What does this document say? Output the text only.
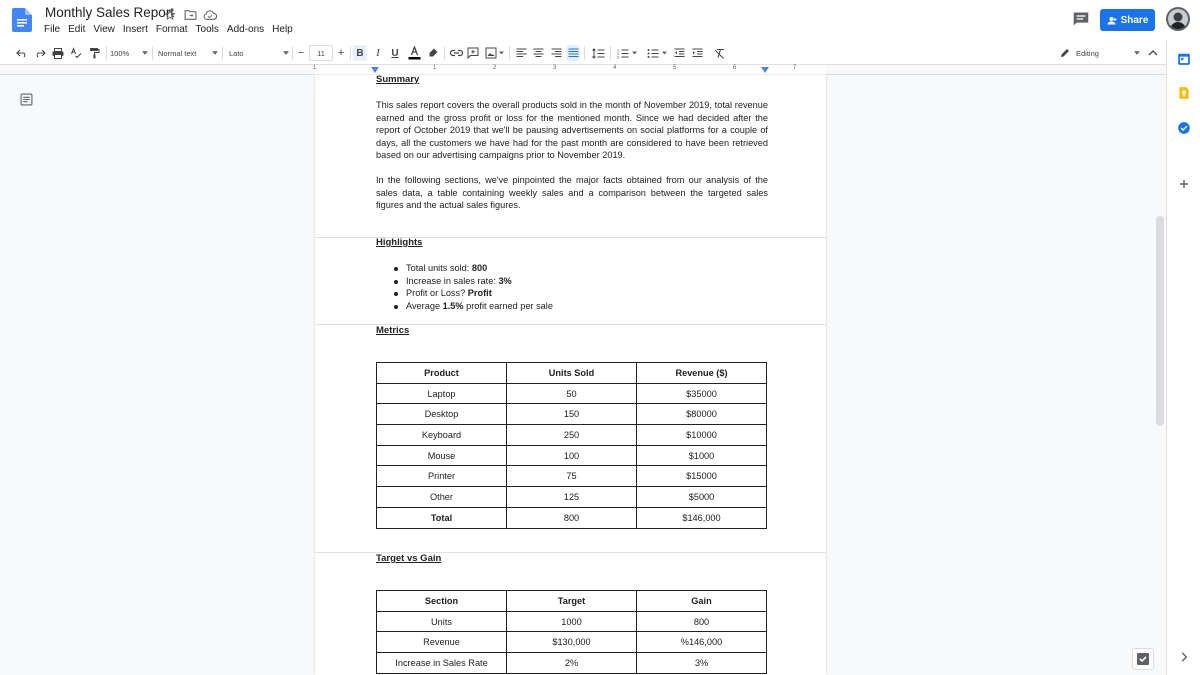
Monthly Sales Report
File Edit View Insert Format Tools Add-ons Help
Share
100%	Normal text	Lato	−	11	+	B	I	U	1
2
3	Editing
1	1	2	3	4	5	6	7
Summary
This sales report covers the overall products sold in the month of November 2019, total revenue earned and the gross profit or loss for the mentioned month. Since we had decided after the report of October 2019 that we'll be pausing advertisements on social platforms for a couple of days, all the customers we have had for the past month are considered to have been retrieved based on our advertising campaigns prior to November 2019.
In the following sections, we've pinpointed the major facts obtained from our analysis of the sales data, a table containing weekly sales and a comparison between the targeted sales figures and the actual sales figures.
Highlights
Total units sold: 800
Increase in sales rate: 3%
Profit or Loss? Profit
Average 1.5% profit earned per sale
Metrics
Product	Units Sold	Revenue ($)
Laptop	50	$35000
Desktop	150	$80000
Keyboard	250	$10000
Mouse	100	$1000
Printer	75	$15000
Other	125	$5000
Total	800	$146,000
Target vs Gain
Section	Target	Gain
Units	1000	800
Revenue	$130,000	%146,000
Increase in Sales Rate	2%	3%
